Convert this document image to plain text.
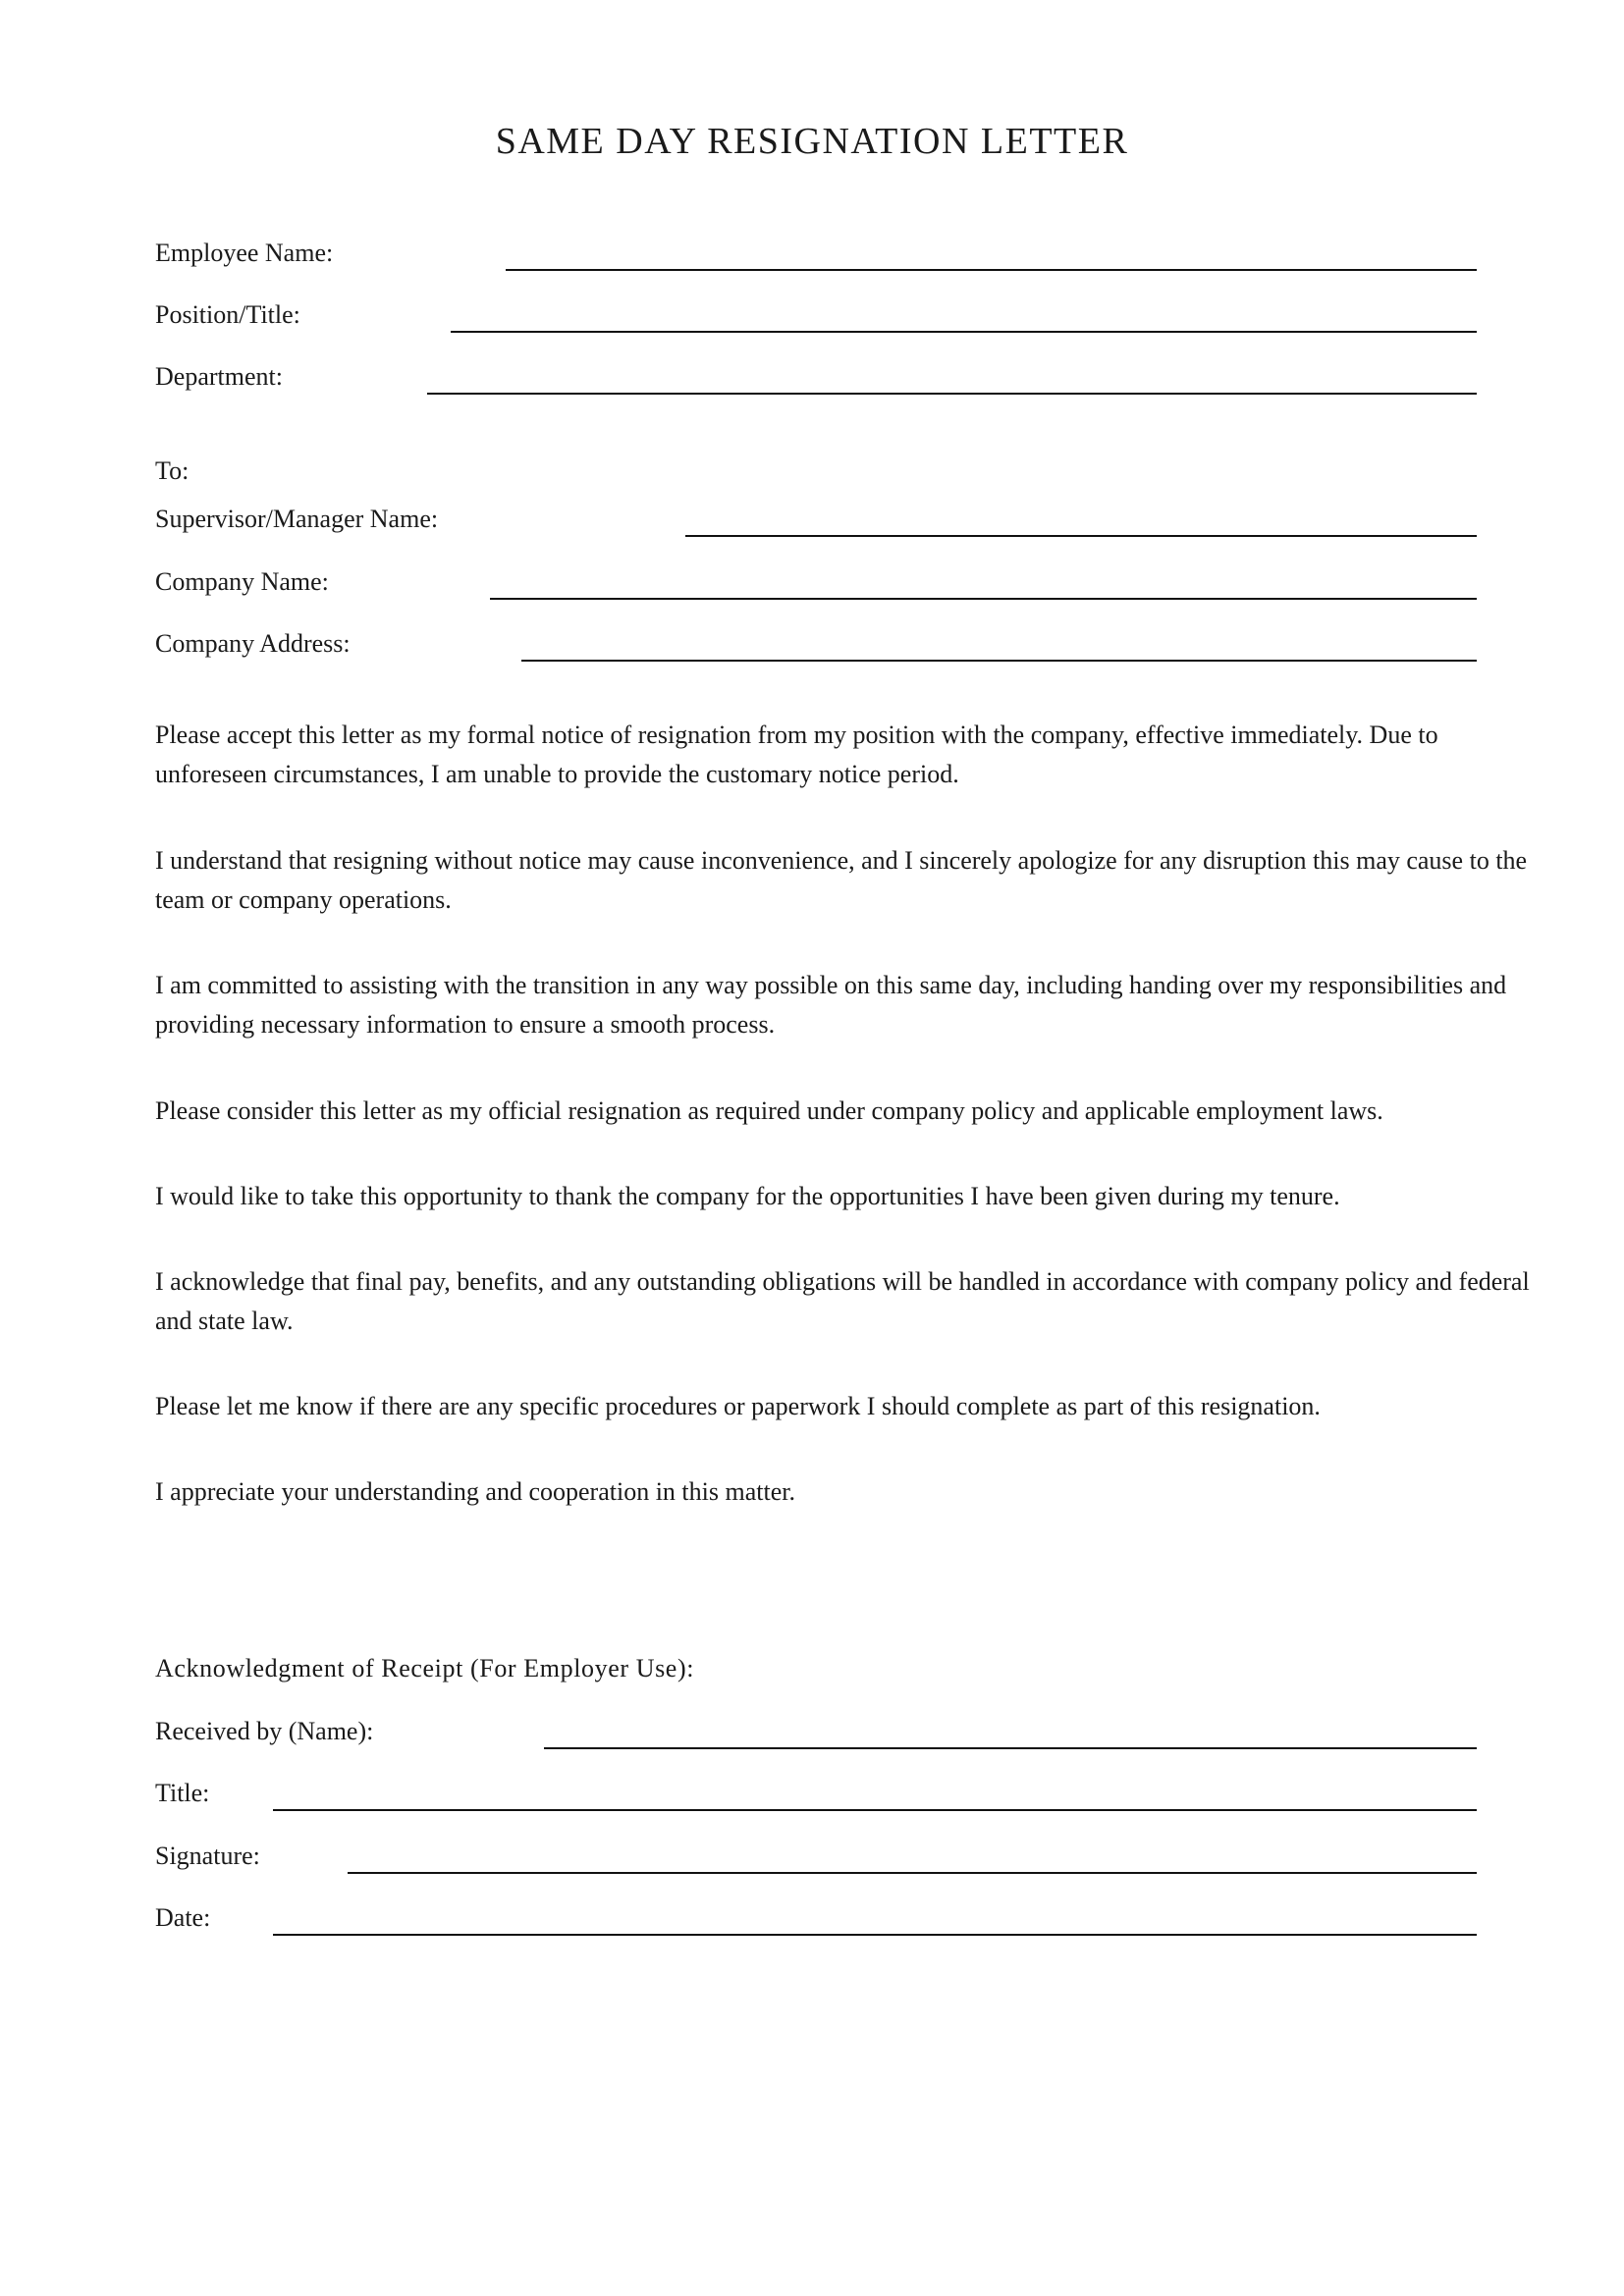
SAME DAY RESIGNATION LETTER
Employee Name:
Position/Title:
Department:
To:
Supervisor/Manager Name:
Company Name:
Company Address:

Please accept this letter as my formal notice of resignation from my position with the company, effective immediately. Due to unforeseen circumstances, I am unable to provide the customary notice period.

I understand that resigning without notice may cause inconvenience, and I sincerely apologize for any disruption this may cause to the team or company operations.

I am committed to assisting with the transition in any way possible on this same day, including handing over my responsibilities and providing necessary information to ensure a smooth process.

Please consider this letter as my official resignation as required under company policy and applicable employment laws.

I would like to take this opportunity to thank the company for the opportunities I have been given during my tenure.

I acknowledge that final pay, benefits, and any outstanding obligations will be handled in accordance with company policy and federal and state law.

Please let me know if there are any specific procedures or paperwork I should complete as part of this resignation.

I appreciate your understanding and cooperation in this matter.

Acknowledgment of Receipt (For Employer Use):
Received by (Name):
Title:
Signature:
Date:
